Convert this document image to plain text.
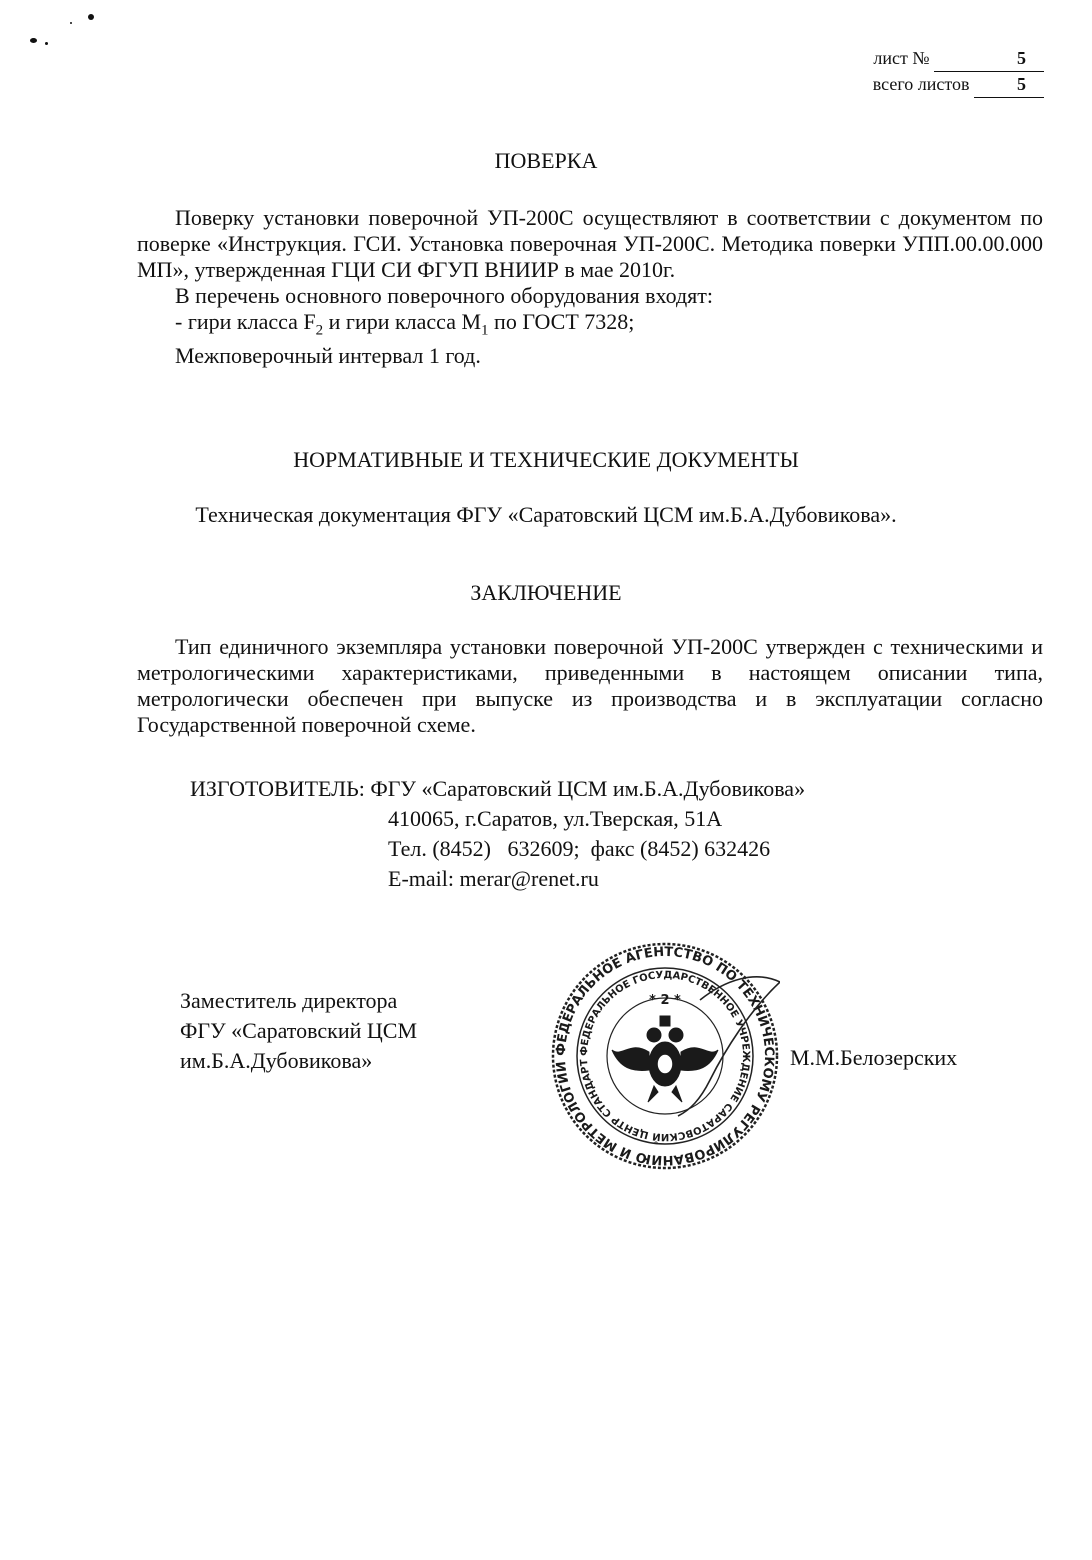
лист №	5
всего листов	5
ПОВЕРКА

Поверку установки поверочной УП-200С осуществляют в соответствии с документом по поверке «Инструкция. ГСИ. Установка поверочная УП-200С. Методика поверки УПП.00.00.000 МП», утвержденная ГЦИ СИ ФГУП ВНИИР в мае 2010г.

В перечень основного поверочного оборудования входят:

- гири класса $F_2$ и гири класса $M_1$ по ГОСТ 7328;

Межповерочный интервал 1 год.

НОРМАТИВНЫЕ И ТЕХНИЧЕСКИЕ ДОКУМЕНТЫ
Техническая документация ФГУ «Саратовский ЦСМ им.Б.А.Дубовикова».
ЗАКЛЮЧЕНИЕ

Тип единичного экземпляра установки поверочной УП-200С утвержден с техническими и метрологическими характеристиками, приведенными в настоящем описании типа, метрологически обеспечен при выпуске из производства и в эксплуатации согласно Государственной поверочной схеме.

ИЗГОТОВИТЕЛЬ: ФГУ «Саратовский ЦСМ им.Б.А.Дубовикова»
410065, г.Саратов, ул.Тверская, 51А
Тел. (8452)   632609;  факс (8452) 632426
E-mail: merar@renet.ru
Заместитель директора
ФГУ «Саратовский ЦСМ
им.Б.А.Дубовикова»	ФЕДЕРАЛЬНОЕ АГЕНТСТВО ПО ТЕХНИЧЕСКОМУ РЕГУЛИРОВАНИЮ И МЕТРОЛОГИИ
ФЕДЕРАЛЬНОЕ ГОСУДАРСТВЕННОЕ УЧРЕЖДЕНИЕ САРАТОВСКИЙ ЦЕНТР СТАНДАРТ
* 2 *
М.М.Белозерских
